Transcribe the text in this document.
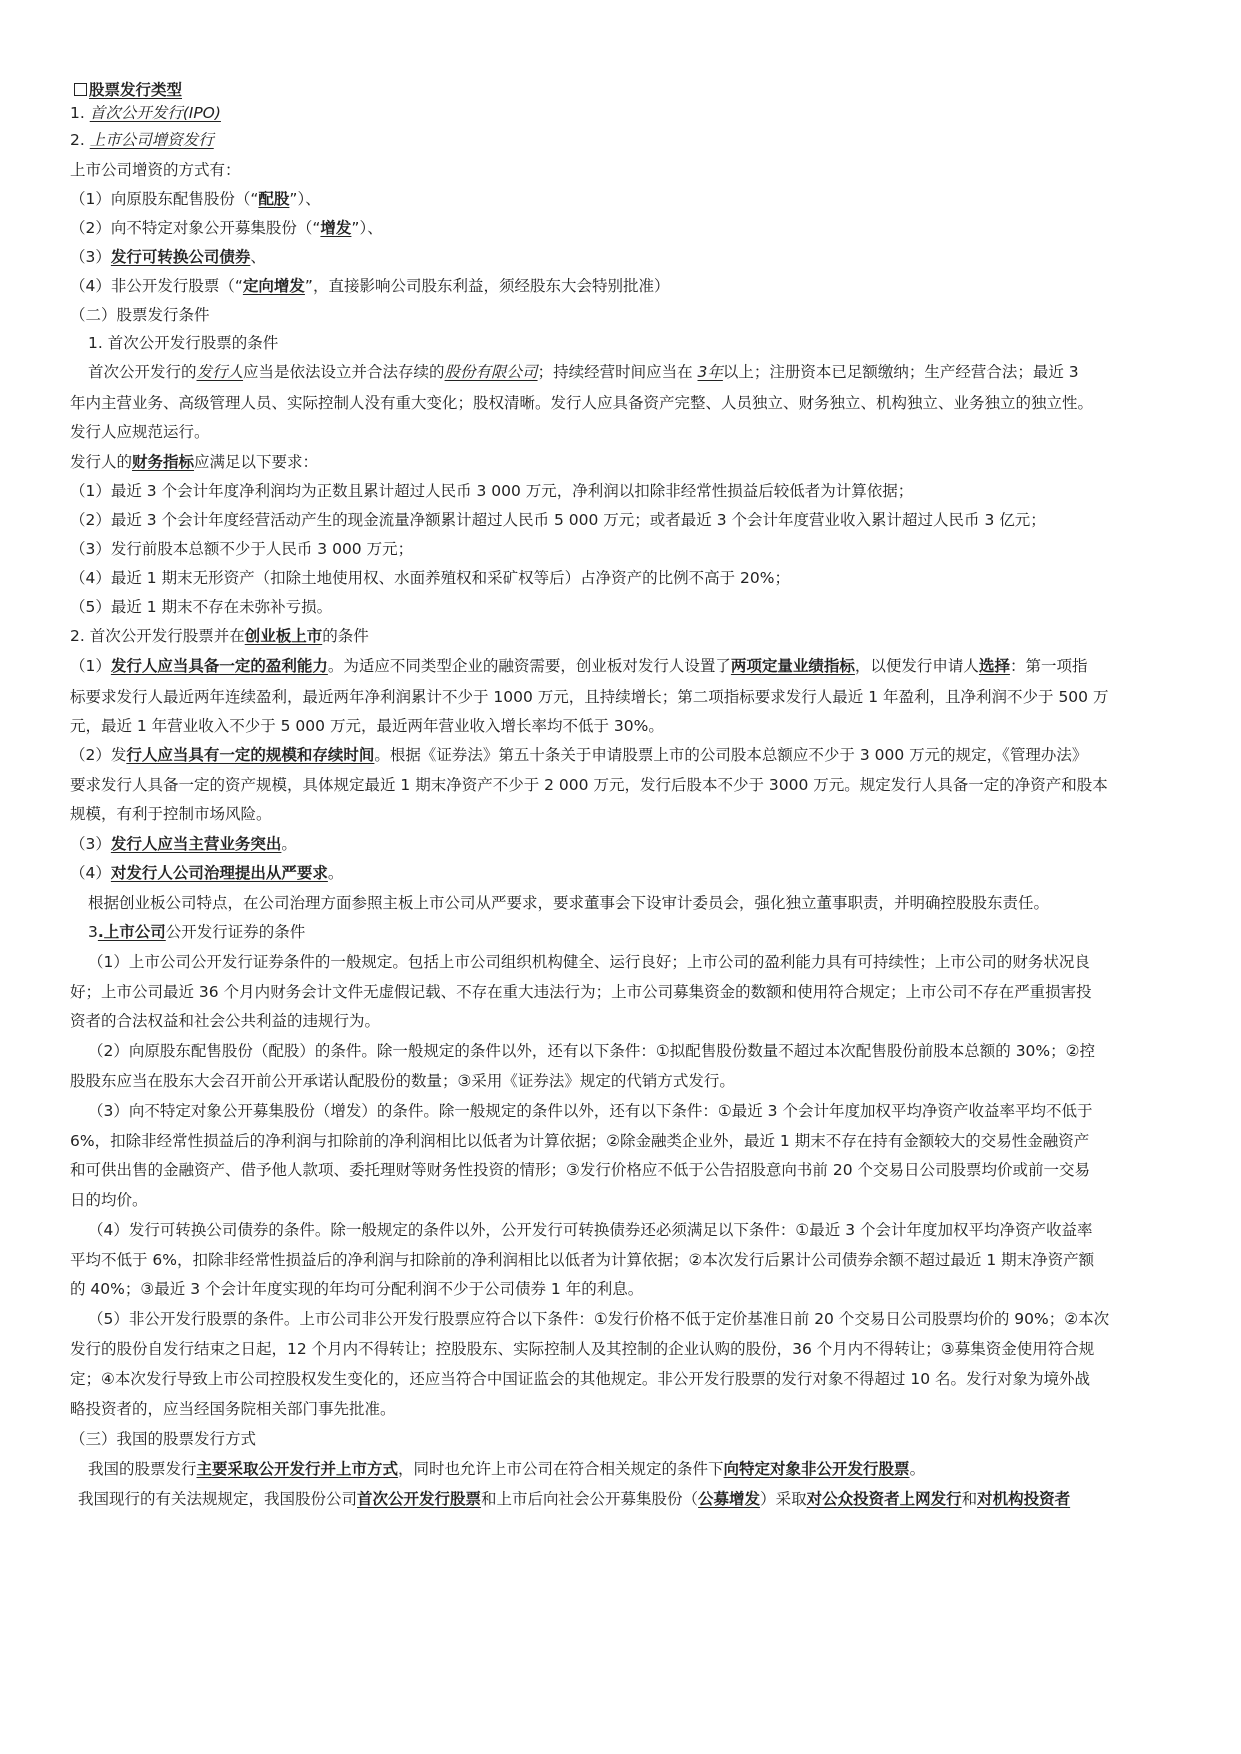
股票发行类型
1. 首次公开发行(IPO)
2. 上市公司增资发行
上市公司增资的方式有：
（1）向原股东配售股份（“配股”）、
（2）向不特定对象公开募集股份（“增发”）、
（3）发行可转换公司债券、
（4）非公开发行股票（“定向增发”，直接影响公司股东利益，须经股东大会特别批准）
（二）股票发行条件
1. 首次公开发行股票的条件
首次公开发行的发行人应当是依法设立并合法存续的股份有限公司；持续经营时间应当在 3年以上；注册资本已足额缴纳；生产经营合法；最近 3
年内主营业务、高级管理人员、实际控制人没有重大变化；股权清晰。发行人应具备资产完整、人员独立、财务独立、机构独立、业务独立的独立性。
发行人应规范运行。
发行人的财务指标应满足以下要求：
（1）最近 3 个会计年度净利润均为正数且累计超过人民币 3 000 万元，净利润以扣除非经常性损益后较低者为计算依据；
（2）最近 3 个会计年度经营活动产生的现金流量净额累计超过人民币 5 000 万元；或者最近 3 个会计年度营业收入累计超过人民币 3 亿元；
（3）发行前股本总额不少于人民币 3 000 万元；
（4）最近 1 期末无形资产（扣除土地使用权、水面养殖权和采矿权等后）占净资产的比例不高于 20%；
（5）最近 1 期末不存在未弥补亏损。
2. 首次公开发行股票并在创业板上市的条件
（1）发行人应当具备一定的盈利能力。为适应不同类型企业的融资需要，创业板对发行人设置了两项定量业绩指标，以便发行申请人选择：第一项指
标要求发行人最近两年连续盈利，最近两年净利润累计不少于 1000 万元，且持续增长；第二项指标要求发行人最近 1 年盈利，且净利润不少于 500 万
元，最近 1 年营业收入不少于 5 000 万元，最近两年营业收入增长率均不低于 30%。
（2）发行人应当具有一定的规模和存续时间。根据《证券法》第五十条关于申请股票上市的公司股本总额应不少于 3 000 万元的规定，《管理办法》
要求发行人具备一定的资产规模，具体规定最近 1 期末净资产不少于 2 000 万元，发行后股本不少于 3000 万元。规定发行人具备一定的净资产和股本
规模，有利于控制市场风险。
（3）发行人应当主营业务突出。
（4）对发行人公司治理提出从严要求。
根据创业板公司特点，在公司治理方面参照主板上市公司从严要求，要求董事会下设审计委员会，强化独立董事职责，并明确控股股东责任。
3.上市公司公开发行证券的条件
（1）上市公司公开发行证券条件的一般规定。包括上市公司组织机构健全、运行良好；上市公司的盈利能力具有可持续性；上市公司的财务状况良
好；上市公司最近 36 个月内财务会计文件无虚假记载、不存在重大违法行为；上市公司募集资金的数额和使用符合规定；上市公司不存在严重损害投
资者的合法权益和社会公共利益的违规行为。
（2）向原股东配售股份（配股）的条件。除一般规定的条件以外，还有以下条件：①拟配售股份数量不超过本次配售股份前股本总额的 30%；②控
股股东应当在股东大会召开前公开承诺认配股份的数量；③采用《证券法》规定的代销方式发行。
（3）向不特定对象公开募集股份（增发）的条件。除一般规定的条件以外，还有以下条件：①最近 3 个会计年度加权平均净资产收益率平均不低于
6%，扣除非经常性损益后的净利润与扣除前的净利润相比以低者为计算依据；②除金融类企业外，最近 1 期末不存在持有金额较大的交易性金融资产
和可供出售的金融资产、借予他人款项、委托理财等财务性投资的情形；③发行价格应不低于公告招股意向书前 20 个交易日公司股票均价或前一交易
日的均价。
（4）发行可转换公司债券的条件。除一般规定的条件以外，公开发行可转换债券还必须满足以下条件：①最近 3 个会计年度加权平均净资产收益率
平均不低于 6%，扣除非经常性损益后的净利润与扣除前的净利润相比以低者为计算依据；②本次发行后累计公司债券余额不超过最近 1 期末净资产额
的 40%；③最近 3 个会计年度实现的年均可分配利润不少于公司债券 1 年的利息。
（5）非公开发行股票的条件。上市公司非公开发行股票应符合以下条件：①发行价格不低于定价基准日前 20 个交易日公司股票均价的 90%；②本次
发行的股份自发行结束之日起，12 个月内不得转让；控股股东、实际控制人及其控制的企业认购的股份，36 个月内不得转让；③募集资金使用符合规
定；④本次发行导致上市公司控股权发生变化的，还应当符合中国证监会的其他规定。非公开发行股票的发行对象不得超过 10 名。发行对象为境外战
略投资者的，应当经国务院相关部门事先批准。
（三）我国的股票发行方式
我国的股票发行主要采取公开发行并上市方式，同时也允许上市公司在符合相关规定的条件下向特定对象非公开发行股票。
我国现行的有关法规规定，我国股份公司首次公开发行股票和上市后向社会公开募集股份（公募增发）采取对公众投资者上网发行和对机构投资者
